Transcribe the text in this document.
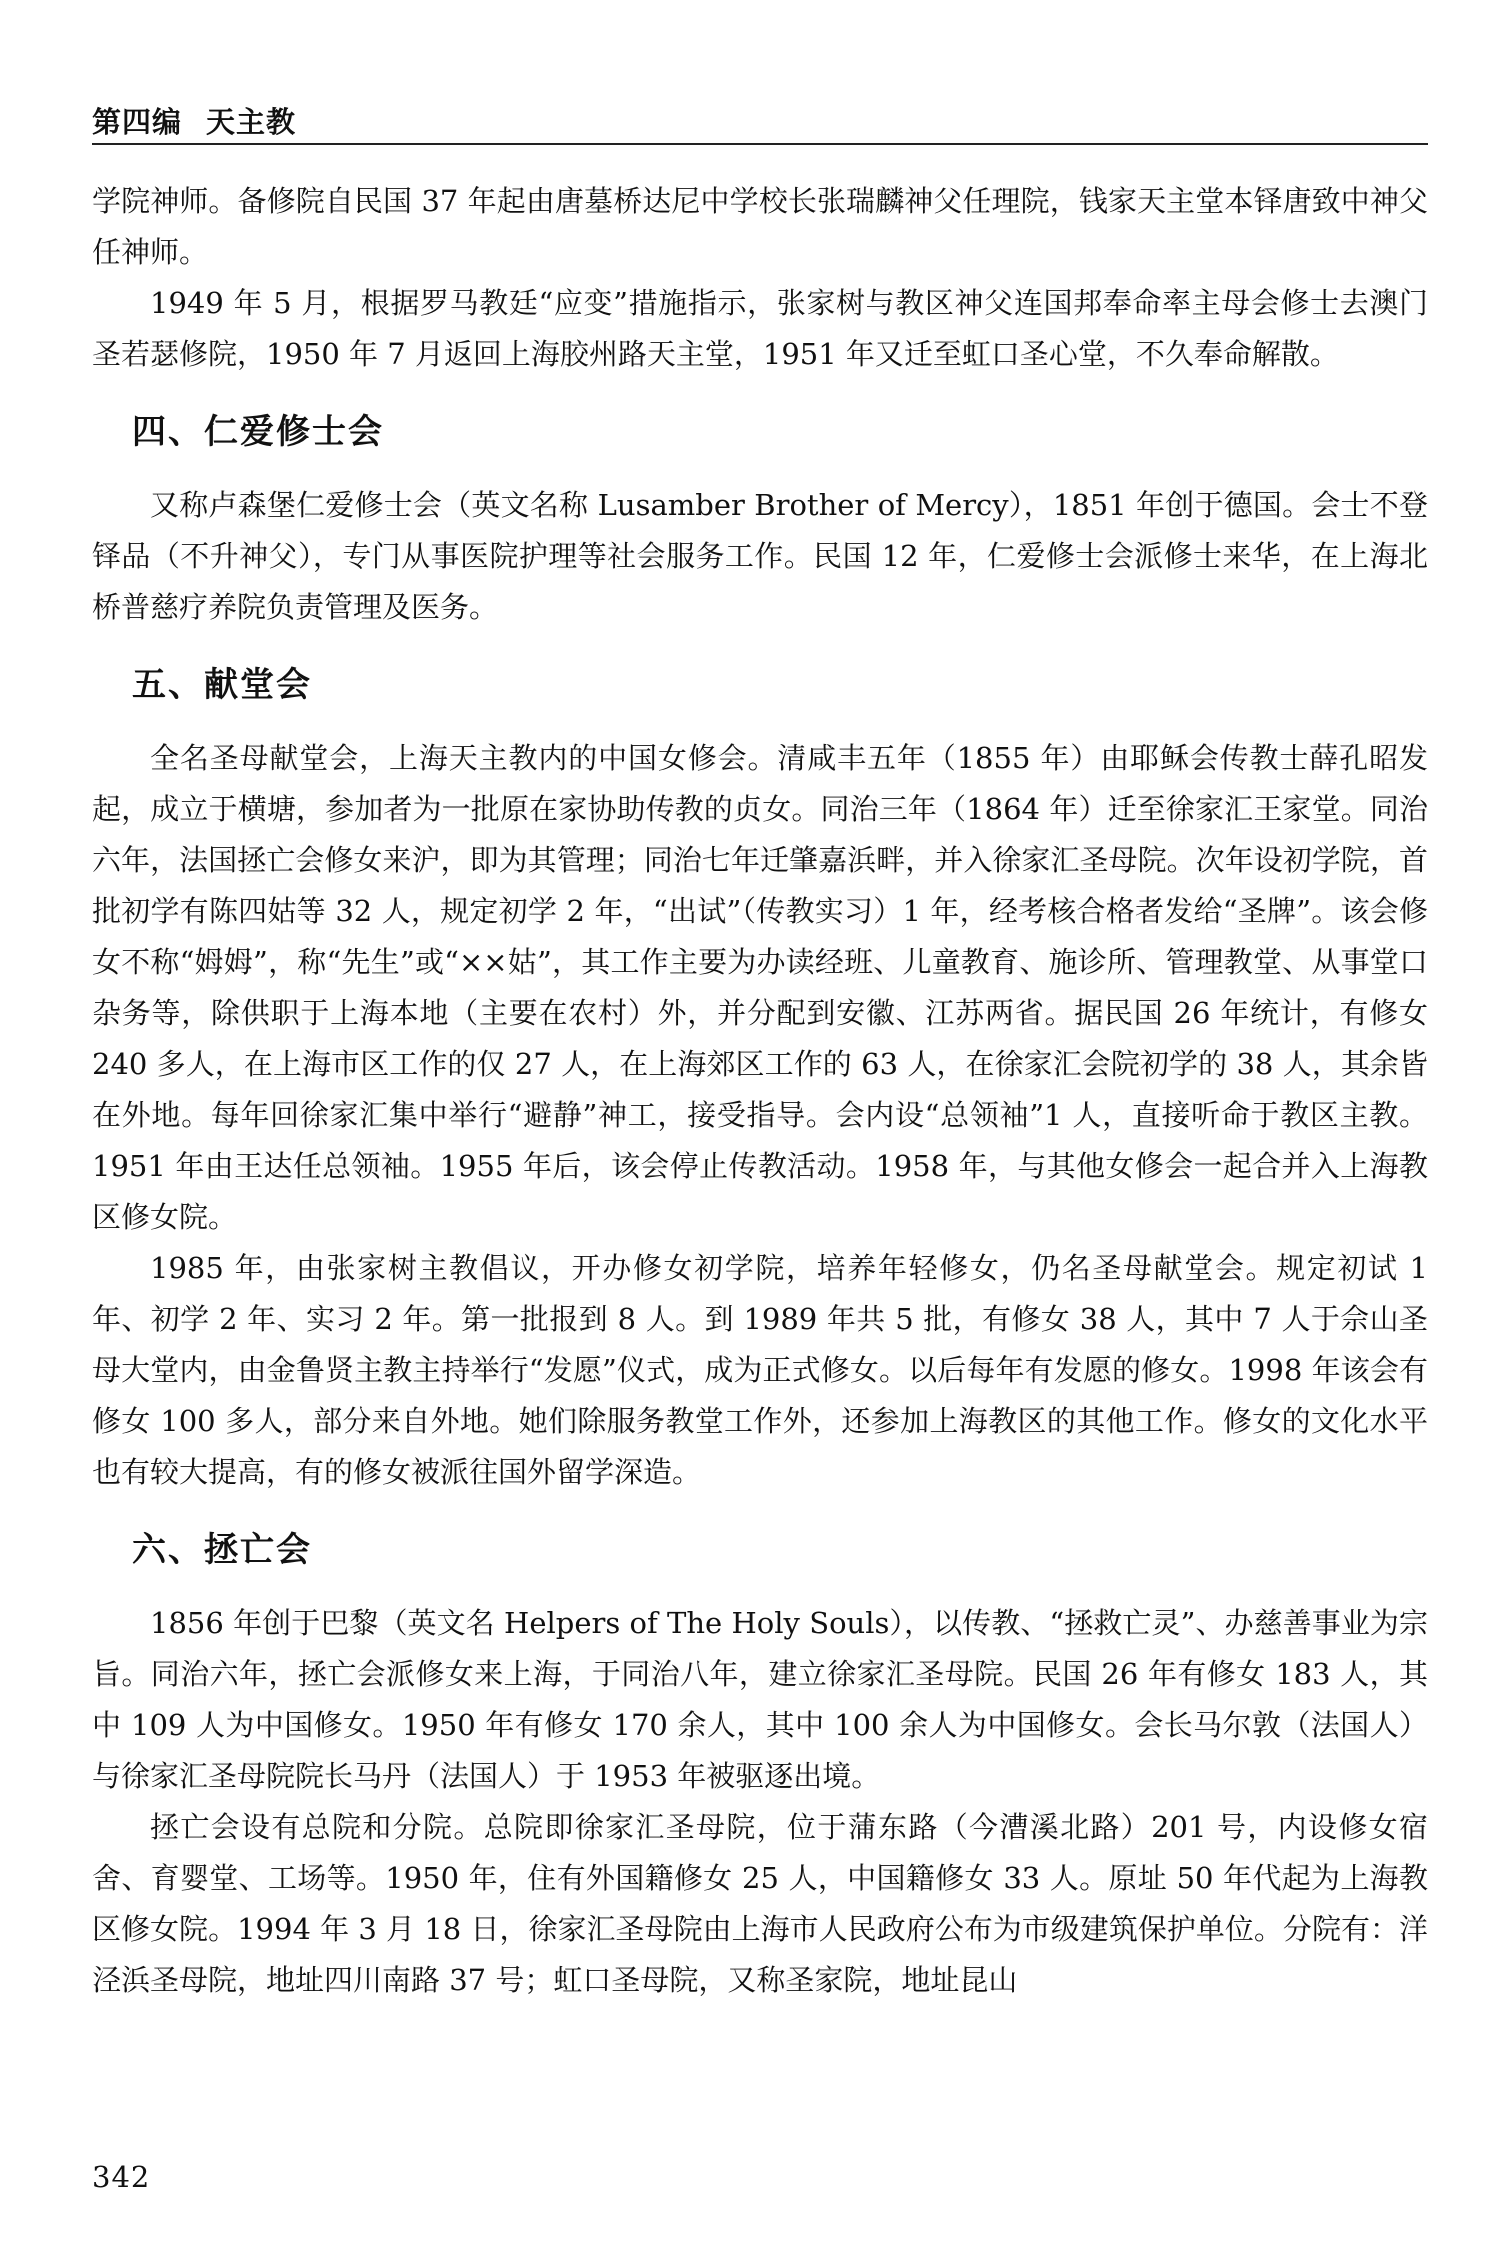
第四编 天主教

学院神师。备修院自民国 37 年起由唐墓桥达尼中学校长张瑞麟神父任理院，钱家天主堂本铎唐致中神父任神师。

1949 年 5 月，根据罗马教廷“应变”措施指示，张家树与教区神父连国邦奉命率主母会修士去澳门圣若瑟修院，1950 年 7 月返回上海胶州路天主堂，1951 年又迁至虹口圣心堂，不久奉命解散。

四、仁爱修士会

又称卢森堡仁爱修士会（英文名称 Lusamber Brother of Mercy），1851 年创于德国。会士不登铎品（不升神父），专门从事医院护理等社会服务工作。民国 12 年，仁爱修士会派修士来华，在上海北桥普慈疗养院负责管理及医务。

五、献堂会

全名圣母献堂会，上海天主教内的中国女修会。清咸丰五年（1855 年）由耶稣会传教士薛孔昭发起，成立于横塘，参加者为一批原在家协助传教的贞女。同治三年（1864 年）迁至徐家汇王家堂。同治六年，法国拯亡会修女来沪，即为其管理；同治七年迁肇嘉浜畔，并入徐家汇圣母院。次年设初学院，首批初学有陈四姑等 32 人，规定初学 2 年，“出试”（传教实习）1 年，经考核合格者发给“圣牌”。该会修女不称“姆姆”，称“先生”或“××姑”，其工作主要为办读经班、儿童教育、施诊所、管理教堂、从事堂口杂务等，除供职于上海本地（主要在农村）外，并分配到安徽、江苏两省。据民国 26 年统计，有修女 240 多人，在上海市区工作的仅 27 人，在上海郊区工作的 63 人，在徐家汇会院初学的 38 人，其余皆在外地。每年回徐家汇集中举行“避静”神工，接受指导。会内设“总领袖”1 人，直接听命于教区主教。1951 年由王达任总领袖。1955 年后，该会停止传教活动。1958 年，与其他女修会一起合并入上海教区修女院。

1985 年，由张家树主教倡议，开办修女初学院，培养年轻修女，仍名圣母献堂会。规定初试 1 年、初学 2 年、实习 2 年。第一批报到 8 人。到 1989 年共 5 批，有修女 38 人，其中 7 人于佘山圣母大堂内，由金鲁贤主教主持举行“发愿”仪式，成为正式修女。以后每年有发愿的修女。1998 年该会有修女 100 多人，部分来自外地。她们除服务教堂工作外，还参加上海教区的其他工作。修女的文化水平也有较大提高，有的修女被派往国外留学深造。

六、拯亡会

1856 年创于巴黎（英文名 Helpers of The Holy Souls），以传教、“拯救亡灵”、办慈善事业为宗旨。同治六年，拯亡会派修女来上海，于同治八年，建立徐家汇圣母院。民国 26 年有修女 183 人，其中 109 人为中国修女。1950 年有修女 170 余人，其中 100 余人为中国修女。会长马尔敦（法国人）与徐家汇圣母院院长马丹（法国人）于 1953 年被驱逐出境。

拯亡会设有总院和分院。总院即徐家汇圣母院，位于蒲东路（今漕溪北路）201 号，内设修女宿舍、育婴堂、工场等。1950 年，住有外国籍修女 25 人，中国籍修女 33 人。原址 50 年代起为上海教区修女院。1994 年 3 月 18 日，徐家汇圣母院由上海市人民政府公布为市级建筑保护单位。分院有：洋泾浜圣母院，地址四川南路 37 号；虹口圣母院，又称圣家院，地址昆山

342
